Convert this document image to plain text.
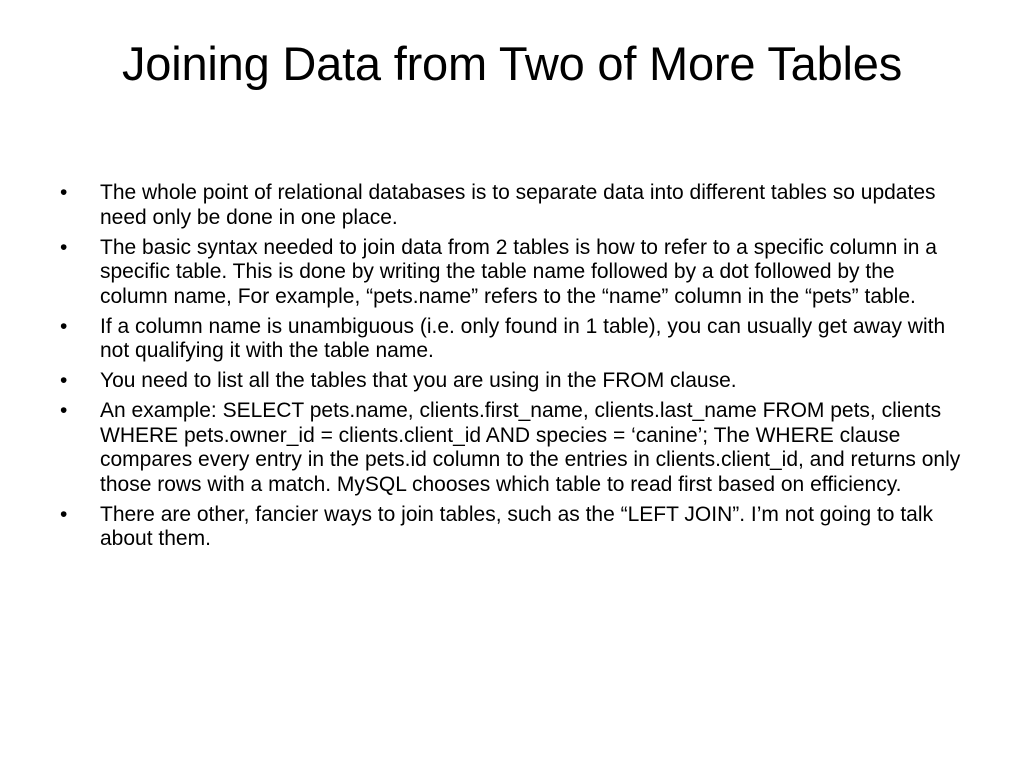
Joining Data from Two of More Tables
•	The whole point of relational databases is to separate data into different tables so updates need only be done in one place.
•	The basic syntax needed to join data from 2 tables is how to refer to a specific column in a specific table. This is done by writing the table name followed by a dot followed by the column name, For example, “pets.name” refers to the “name” column in the “pets” table.
•	If a column name is unambiguous (i.e. only found in 1 table), you can usually get away with not qualifying it with the table name.
•	You need to list all the tables that you are using in the FROM clause.
•	An example: SELECT pets.name, clients.first_name, clients.last_name FROM pets, clients WHERE pets.owner_id = clients.client_id AND species = ‘canine’; The WHERE clause compares every entry in the pets.id column to the entries in clients.client_id, and returns only those rows with a match. MySQL chooses which table to read first based on efficiency.
•	There are other, fancier ways to join tables, such as the “LEFT JOIN”. I’m not going to talk about them.
